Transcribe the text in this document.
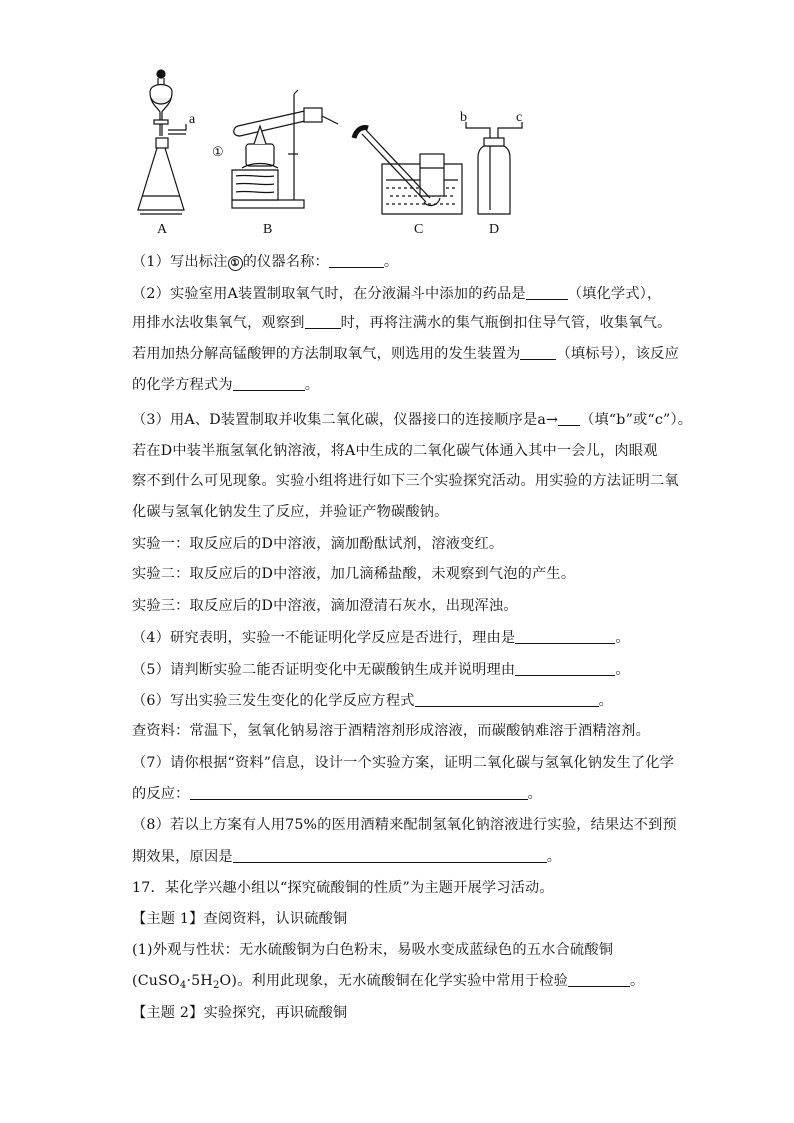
a	b	c
①
A	B	C	D
（1）写出标注 ① 的仪器名称：	。
（2）实验室用A装置制取氧气时，在分液漏斗中添加的药品是	（填化学式），
用排水法收集氧气，观察到	时，再将注满水的集气瓶倒扣住导气管，收集氧气。
若用加热分解高锰酸钾的方法制取氧气，则选用的发生装置为	（填标号），该反应
的化学方程式为	。
（3）用A、D装置制取并收集二氧化碳，仪器接口的连接顺序是a→ （填“b”或“c”）。
若在D中装半瓶氢氧化钠溶液，将A中生成的二氧化碳气体通入其中一会儿，肉眼观
察不到什么可见现象。实验小组将进行如下三个实验探究活动。用实验的方法证明二氧
化碳与氢氧化钠发生了反应，并验证产物碳酸钠。
实验一：取反应后的D中溶液，滴加酚酞试剂，溶液变红。
实验二：取反应后的D中溶液，加几滴稀盐酸，未观察到气泡的产生。
实验三：取反应后的D中溶液，滴加澄清石灰水，出现浑浊。
（4）研究表明，实验一不能证明化学反应是否进行，理由是	。
（5）请判断实验二能否证明变化中无碳酸钠生成并说明理由	。
（6）写出实验三发生变化的化学反应方程式	。
查资料：常温下，氢氧化钠易溶于酒精溶剂形成溶液，而碳酸钠难溶于酒精溶剂。
（7）请你根据“资料”信息，设计一个实验方案，证明二氧化碳与氢氧化钠发生了化学
的反应：	。
（8）若以上方案有人用75%的医用酒精来配制氢氧化钠溶液进行实验，结果达不到预
期效果，原因是	。
17．某化学兴趣小组以“探究硫酸铜的性质”为主题开展学习活动。
【主题 1】查阅资料，认识硫酸铜
(1)外观与性状：无水硫酸铜为白色粉末，易吸水变成蓝绿色的五水合硫酸铜
$(CuSO_4\cdot 5H_2O)$。利用此现象，无水硫酸铜在化学实验中常用于检验	。
【主题 2】实验探究，再识硫酸铜
